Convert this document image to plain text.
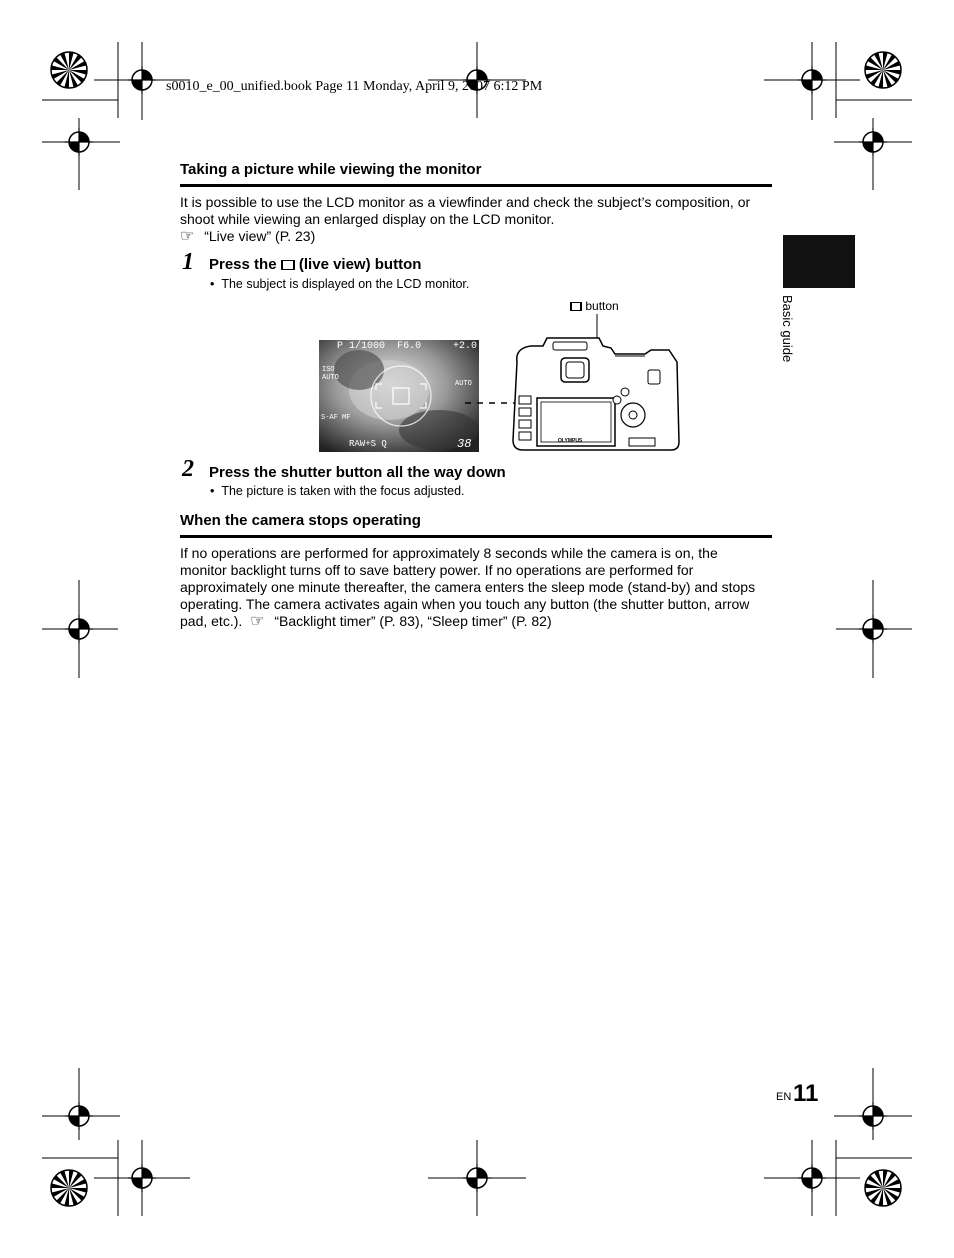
s0010_e_00_unified.book Page 11 Monday, April 9, 2007 6:12 PM
Taking a picture while viewing the monitor
It is possible to use the LCD monitor as a viewfinder and check the subject’s composition, or
shoot while viewing an enlarged display on the LCD monitor.
☞ “Live view” (P. 23)
1 Press the (live view) button
•  The subject is displayed on the LCD monitor.
button
P 1/1000 F6.0	+2.0
ISO
AUTO
AUTO
S-AF MF
RAW+S Q	38	OLYMPUS
2 Press the shutter button all the way down
•  The picture is taken with the focus adjusted.
When the camera stops operating
If no operations are performed for approximately 8 seconds while the camera is on, the
monitor backlight turns off to save battery power. If no operations are performed for
approximately one minute thereafter, the camera enters the sleep mode (stand-by) and stops
operating. The camera activates again when you touch any button (the shutter button, arrow
pad, etc.). ☞ “Backlight timer” (P. 83), “Sleep timer” (P. 82)
Basic guide
EN 11
